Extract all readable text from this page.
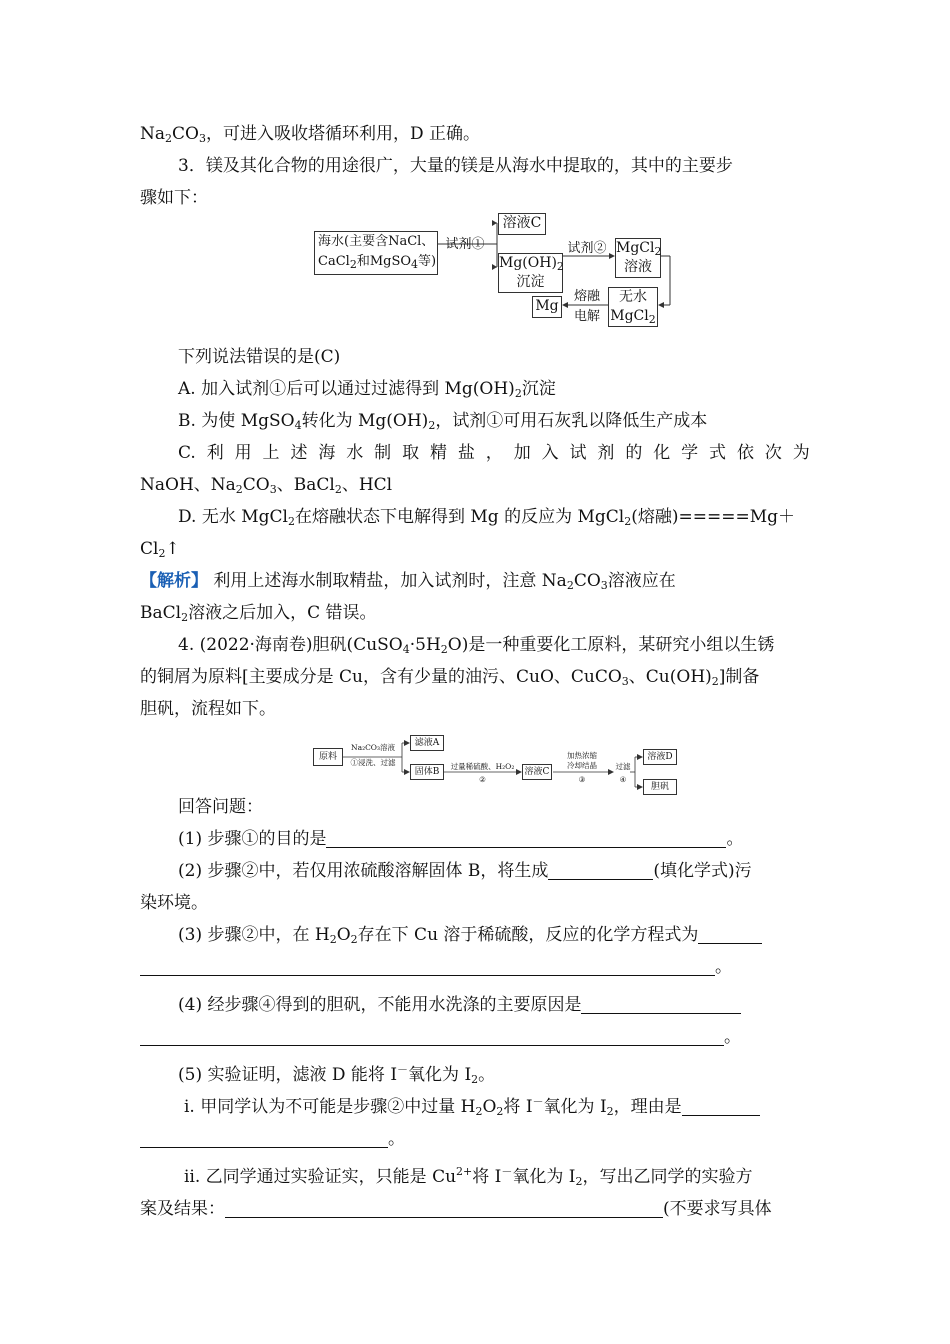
$Na_2CO_3$，可进入吸收塔循环利用，D 正确。

3．镁及其化合物的用途很广，大量的镁是从海水中提取的，其中的主要步

骤如下：

海水(主要含NaCl、
CaCl$_2$和MgSO$_4$等)
试剂①
溶液C
$Mg(OH)_2$
沉淀
试剂② MgCl$_2$
溶液
无水
MgCl$_2$
熔融
电解
Mg

下列说法错误的是(C)

A. 加入试剂①后可以通过过滤得到 $Mg(OH)_2$沉淀

B. 为使 MgSO$_4$转化为 $Mg(OH)_2$，试剂①可用石灰乳以降低生产成本

C. 利 用 上 述 海 水 制 取 精 盐 ， 加 入 试 剂 的 化 学 式 依 次 为

NaOH、$Na_2CO_3$、BaCl$_2$、HCl

D. 无水 MgCl$_2$在熔融状态下电解得到 Mg 的反应为 MgCl$_2$(熔融)=====Mg＋

$Cl_2↑$

【解析】 利用上述海水制取精盐，加入试剂时，注意 $Na_2CO_3$溶液应在

BaCl$_2$溶液之后加入，C 错误。

4. (2022·海南卷)胆矾$(CuSO_4\cdot 5H_2O)$是一种重要化工原料，某研究小组以生锈

的铜屑为原料[主要成分是 Cu，含有少量的油污、CuO、CuCO$_3$、$Cu(OH)_2$]制备

胆矾，流程如下。

原料
Na₂CO₃溶液
①浸洗、过滤
滤液A
固体B
过量稀硫酸、H₂O₂
②
溶液C
加热浓缩
冷却结晶
③
过滤
④
溶液D
胆矾

回答问题：

(1) 步骤①的目的是	。

(2) 步骤②中，若仅用浓硫酸溶解固体 B，将生成	(填化学式)污

染环境。

(3) 步骤②中，在 $H_2O_2$存在下 Cu 溶于稀硫酸，反应的化学方程式为

。

(4) 经步骤④得到的胆矾，不能用水洗涤的主要原因是

。

(5) 实验证明，滤液 D 能将 I－氧化为 $I_2$。

ⅰ. 甲同学认为不可能是步骤②中过量 $H_2O_2$将 I－氧化为 $I_2$，理由是

。

ⅱ. 乙同学通过实验证实，只能是 $Cu^{2+}$将 I－氧化为 $I_2$，写出乙同学的实验方

案及结果：	(不要求写具体
